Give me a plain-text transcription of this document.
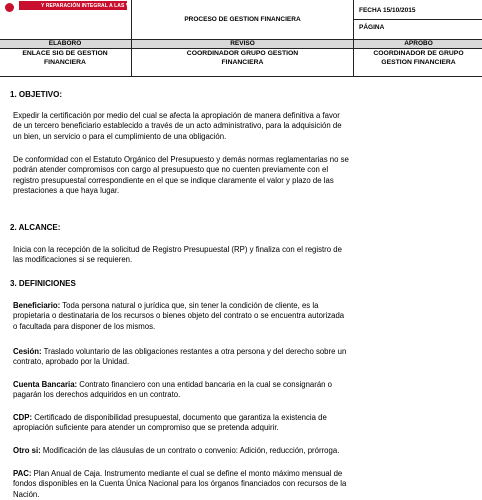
Y REPARACIÓN INTEGRAL A LAS VÍCTIMAS
PROCESO DE GESTION FINANCIERA
FECHA 15/10/2015
PÁGINA
ELABORO
ENLACE SIG DE GESTION
FINANCIERA
REVISO
COORDINADOR GRUPO GESTION
FINANCIERA
APROBO
COORDINADOR DE GRUPO
GESTION FINANCIERA
1. OBJETIVO:
Expedir la certificación por medio del cual se afecta la apropiación de manera definitiva a favor
de un tercero beneficiario establecido a través de un acto administrativo, para la adquisición de
un bien, un servicio o para el cumplimiento de una obligación.
De conformidad con el Estatuto Orgánico del Presupuesto y demás normas reglamentarias no se
podrán atender compromisos con cargo al presupuesto que no cuenten previamente con el
registro presupuestal correspondiente en el que se indique claramente el valor y plazo de las
prestaciones a que haya lugar.
2. ALCANCE:
Inicia con la recepción de la solicitud de Registro Presupuestal (RP) y finaliza con el registro de
las modificaciones si se requieren.
3. DEFINICIONES
Beneficiario: Toda persona natural o jurídica que, sin tener la condición de cliente, es la
propietaria o destinataria de los recursos o bienes objeto del contrato o se encuentra autorizada
o facultada para disponer de los mismos.
Cesión: Traslado voluntario de las obligaciones restantes a otra persona y del derecho sobre un
contrato, aprobado por la Unidad.
Cuenta Bancaria: Contrato financiero con una entidad bancaria en la cual se consignarán o
pagarán los derechos adquiridos en un contrato.
CDP: Certificado de disponibilidad presupuestal, documento que garantiza la existencia de
apropiación suficiente para atender un compromiso que se pretenda adquirir.
Otro si: Modificación de las cláusulas de un contrato o convenio: Adición, reducción, prórroga.
PAC: Plan Anual de Caja. Instrumento mediante el cual se define el monto máximo mensual de
fondos disponibles en la Cuenta Única Nacional para los órganos financiados con recursos de la
Nación.
